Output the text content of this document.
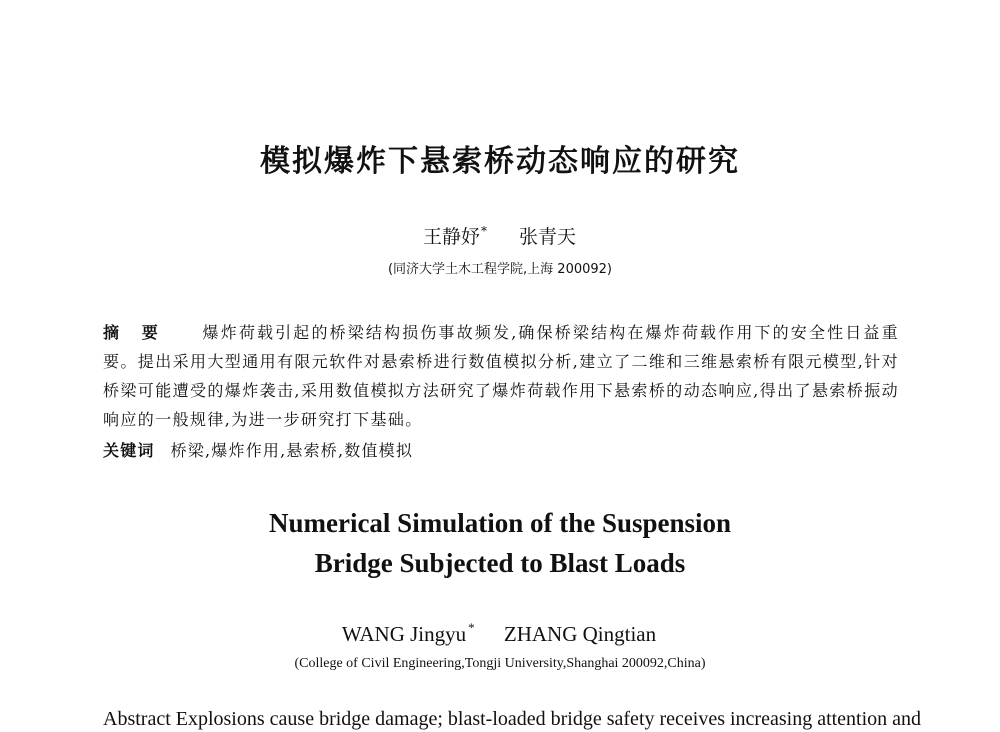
模拟爆炸下悬索桥动态响应的研究
王静妤* 张青天
(同济大学土木工程学院,上海 200092)
摘要 爆炸荷载引起的桥梁结构损伤事故频发,确保桥梁结构在爆炸荷载作用下的安全性日益重要。提出采用大型通用有限元软件对悬索桥进行数值模拟分析,建立了二维和三维悬索桥有限元模型,针对桥梁可能遭受的爆炸袭击,采用数值模拟方法研究了爆炸荷载作用下悬索桥的动态响应,得出了悬索桥振动响应的一般规律,为进一步研究打下基础。
关键词 桥梁,爆炸作用,悬索桥,数值模拟
Numerical Simulation of the Suspension
Bridge Subjected to Blast Loads
WANG Jingyu * ZHANG Qingtian
(College of Civil Engineering,Tongji University,Shanghai 200092,China)
Abstract Explosions cause bridge damage; blast-loaded bridge safety receives increasing attention and
